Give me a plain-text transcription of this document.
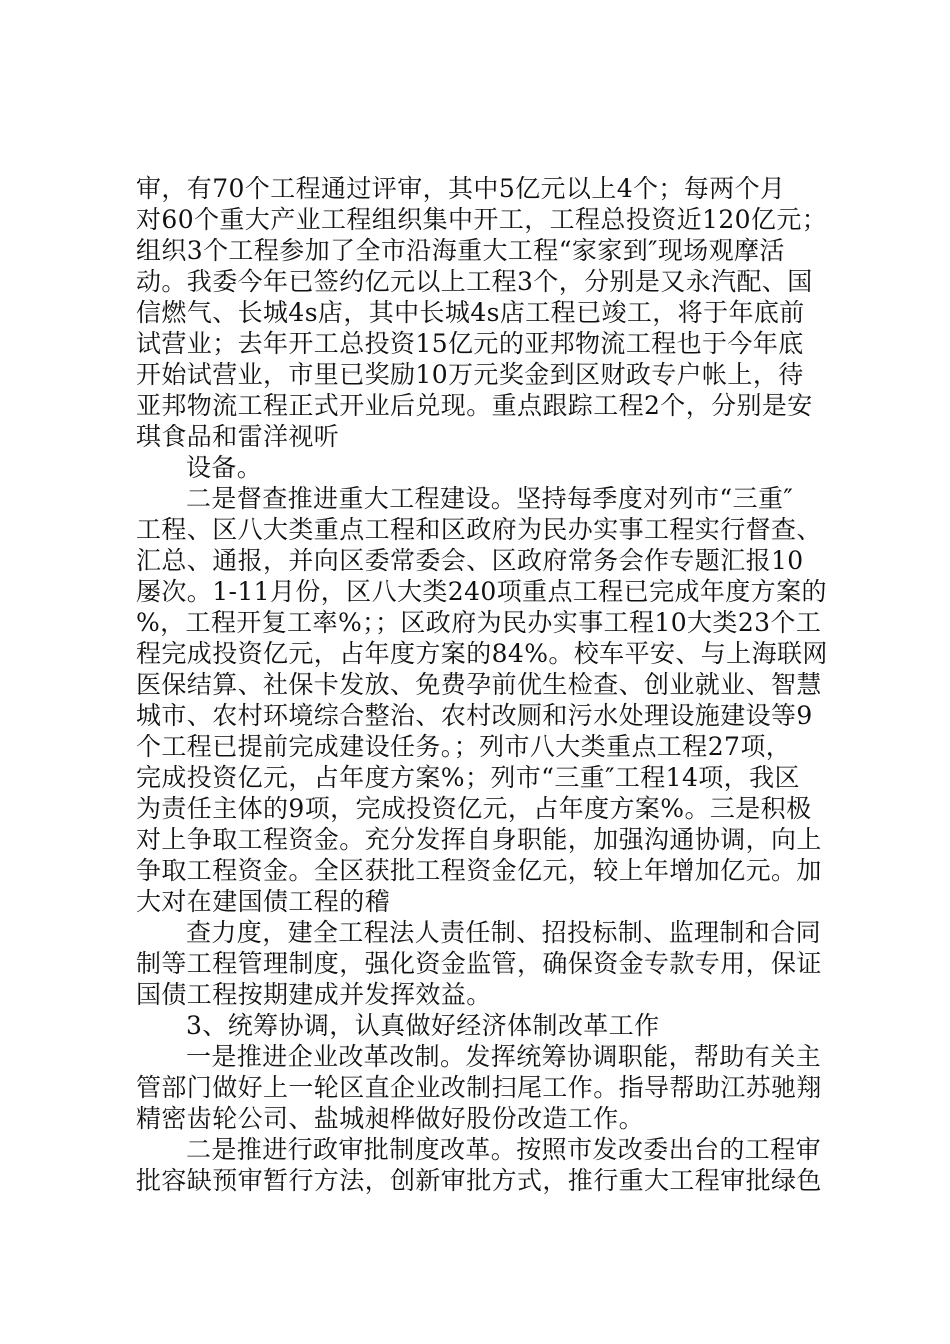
审，有70个工程通过评审，其中5亿元以上4个；每两个月
对60个重大产业工程组织集中开工，工程总投资近120亿元；
组织3个工程参加了全市沿海重大工程“家家到″现场观摩活
动。我委今年已签约亿元以上工程3个，分别是又永汽配、国
信燃气、长城4s店，其中长城4s店工程已竣工，将于年底前
试营业；去年开工总投资15亿元的亚邦物流工程也于今年底
开始试营业，市里已奖励10万元奖金到区财政专户帐上，待
亚邦物流工程正式开业后兑现。重点跟踪工程2个，分别是安
琪食品和雷洋视听
设备。
二是督查推进重大工程建设。坚持每季度对列市“三重″
工程、区八大类重点工程和区政府为民办实事工程实行督查、
汇总、通报，并向区委常委会、区政府常务会作专题汇报10
屡次。1-11月份，区八大类240项重点工程已完成年度方案的
%，工程开复工率%；；区政府为民办实事工程10大类23个工
程完成投资亿元，占年度方案的84%。校车平安、与上海联网
医保结算、社保卡发放、免费孕前优生检查、创业就业、智慧
城市、农村环境综合整治、农村改厕和污水处理设施建设等9
个工程已提前完成建设任务。；列市八大类重点工程27项，
完成投资亿元，占年度方案%；列市“三重″工程14项，我区
为责任主体的9项，完成投资亿元，占年度方案%。三是积极
对上争取工程资金。充分发挥自身职能，加强沟通协调，向上
争取工程资金。全区获批工程资金亿元，较上年增加亿元。加
大对在建国债工程的稽
查力度，建全工程法人责任制、招投标制、监理制和合同
制等工程管理制度，强化资金监管，确保资金专款专用，保证
国债工程按期建成并发挥效益。
3、统筹协调，认真做好经济体制改革工作
一是推进企业改革改制。发挥统筹协调职能，帮助有关主
管部门做好上一轮区直企业改制扫尾工作。指导帮助江苏驰翔
精密齿轮公司、盐城昶桦做好股份改造工作。
二是推进行政审批制度改革。按照市发改委出台的工程审
批容缺预审暂行方法，创新审批方式，推行重大工程审批绿色
